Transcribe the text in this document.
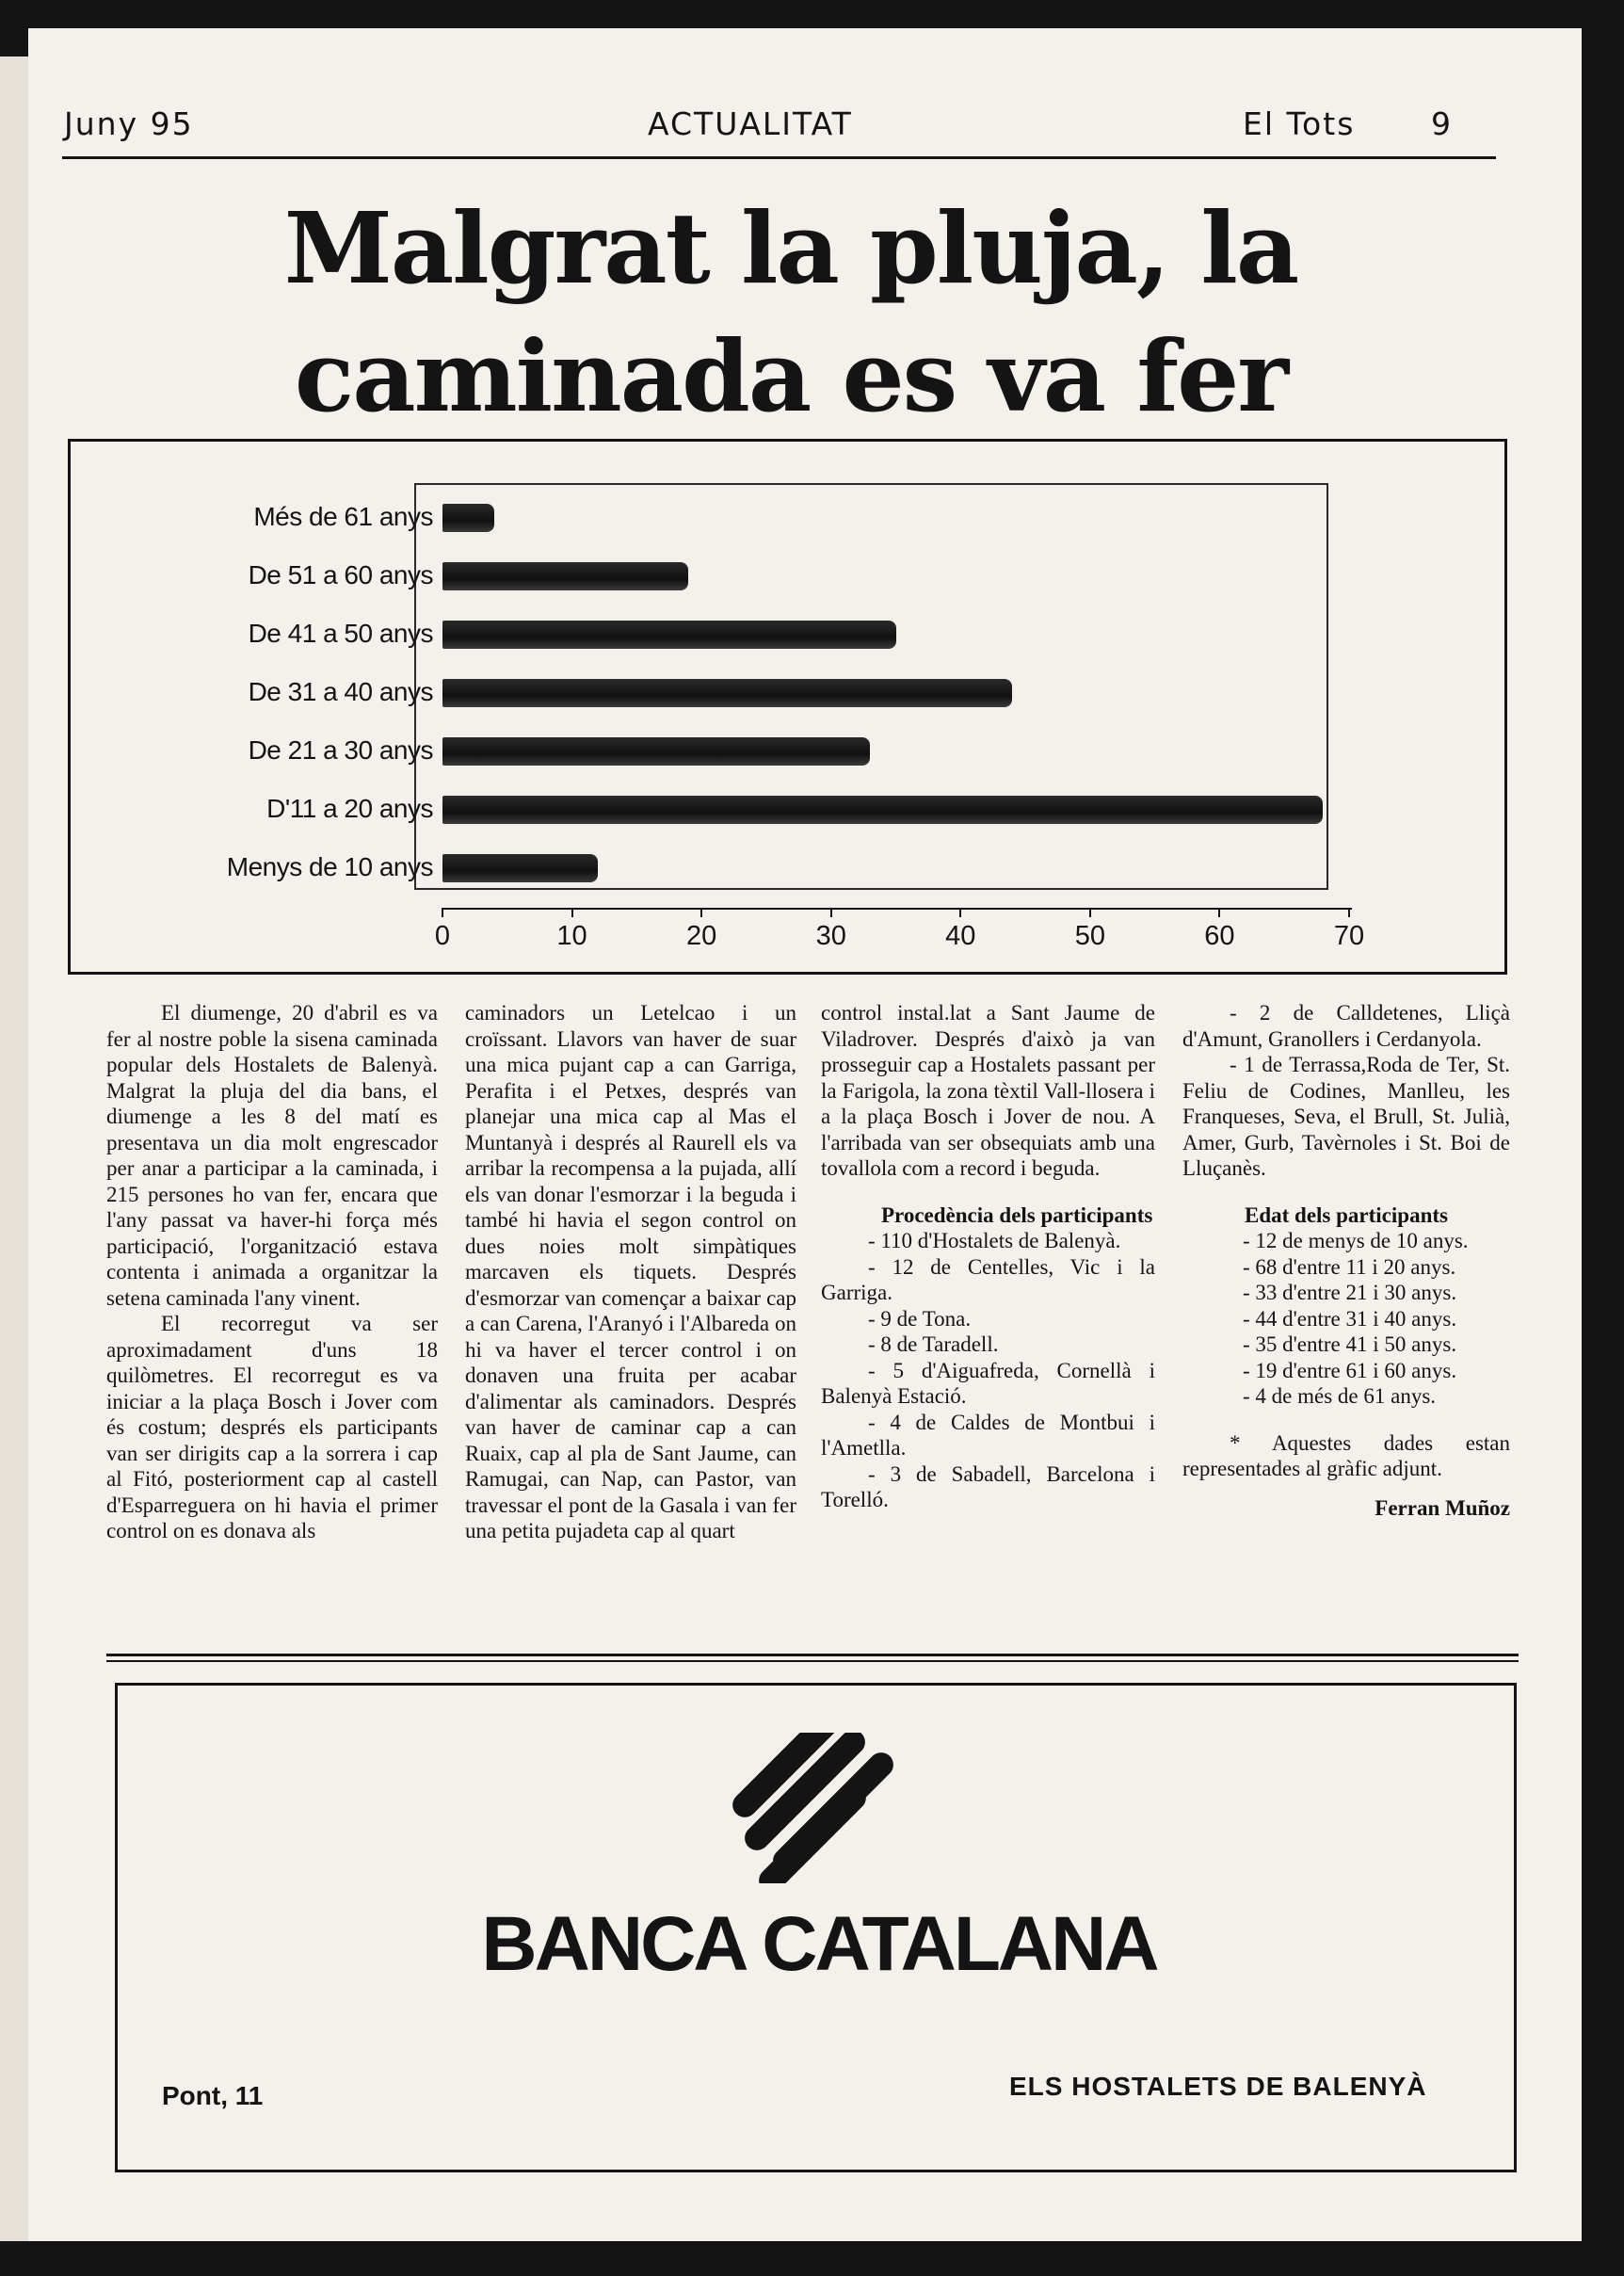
Juny 95	ACTUALITAT	El Tots 9
Malgrat la pluja, la
caminada es va fer
Més de 61 anys
De 51 a 60 anys
De 41 a 50 anys
De 31 a 40 anys
De 21 a 30 anys
D'11 a 20 anys
Menys de 10 anys
0	10	20	30	40	50	60	70

El diumenge, 20 d'abril es va fer al nostre poble la sisena caminada popular dels Hostalets de Balenyà. Malgrat la pluja del dia bans, el diumenge a les 8 del matí es presentava un dia molt engrescador per anar a participar a la caminada, i 215 persones ho van fer, encara que l'any passat va haver-hi força més participació, l'organització estava contenta i animada a organitzar la setena caminada l'any vinent.

El recorregut va ser aproximadament d'uns 18 quilòmetres. El recorregut es va iniciar a la plaça Bosch i Jover com és costum; després els participants van ser dirigits cap a la sorrera i cap al Fitó, posteriorment cap al castell d'Esparreguera on hi havia el primer control on es donava als

caminadors un Letelcao i un croïssant. Llavors van haver de suar una mica pujant cap a can Garriga, Perafita i el Petxes, després van planejar una mica cap al Mas el Muntanyà i després al Raurell els va arribar la recompensa a la pujada, allí els van donar l'esmorzar i la beguda i també hi havia el segon control on dues noies molt simpàtiques marcaven els tiquets. Després d'esmorzar van començar a baixar cap a can Carena, l'Aranyó i l'Albareda on hi va haver el tercer control i on donaven una fruita per acabar d'alimentar als caminadors. Després van haver de caminar cap a can Ruaix, cap al pla de Sant Jaume, can Ramugai, can Nap, can Pastor, van travessar el pont de la Gasala i van fer una petita pujadeta cap al quart
control instal.lat a Sant Jaume de Viladrover. Després d'això ja van prosseguir cap a Hostalets passant per la Farigola, la zona tèxtil Vall-llosera i a la plaça Bosch i Jover de nou. A l'arribada van ser obsequiats amb una tovallola com a record i beguda.
Procedència dels participants
- 110 d'Hostalets de Balenyà.
- 12 de Centelles, Vic i la Garriga.
- 9 de Tona.
- 8 de Taradell.
- 5 d'Aiguafreda, Cornellà i Balenyà Estació.
- 4 de Caldes de Montbui i l'Ametlla.
- 3 de Sabadell, Barcelona i Torelló.
- 2 de Calldetenes, Lliçà d'Amunt, Granollers i Cerdanyola.
- 1 de Terrassa,Roda de Ter, St. Feliu de Codines, Manlleu, les Franqueses, Seva, el Brull, St. Julià, Amer, Gurb, Tavèrnoles i St. Boi de Lluçanès.
Edat dels participants
- 12 de menys de 10 anys.
- 68 d'entre 11 i 20 anys.
- 33 d'entre 21 i 30 anys.
- 44 d'entre 31 i 40 anys.
- 35 d'entre 41 i 50 anys.
- 19 d'entre 61 i 60 anys.
- 4 de més de 61 anys.
* Aquestes dades estan representades al gràfic adjunt.
Ferran Muñoz
BANCA CATALANA
Pont, 11	ELS HOSTALETS DE BALENYÀ
